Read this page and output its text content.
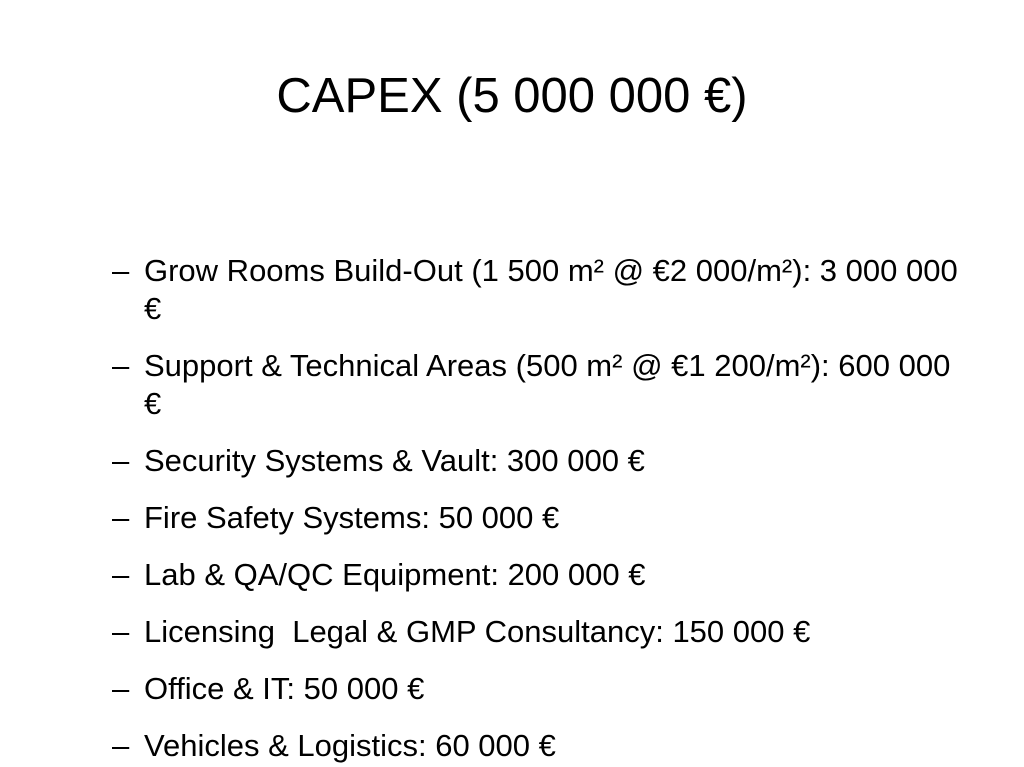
CAPEX (5 000 000 €)
– Grow Rooms Build-Out (1 500 m² @ €2 000/m²): 3 000 000 €
– Support & Technical Areas (500 m² @ €1 200/m²): 600 000 €
– Security Systems & Vault: 300 000 €
– Fire Safety Systems: 50 000 €
– Lab & QA/QC Equipment: 200 000 €
– Licensing  Legal & GMP Consultancy: 150 000 €
– Office & IT: 50 000 €
– Vehicles & Logistics: 60 000 €
